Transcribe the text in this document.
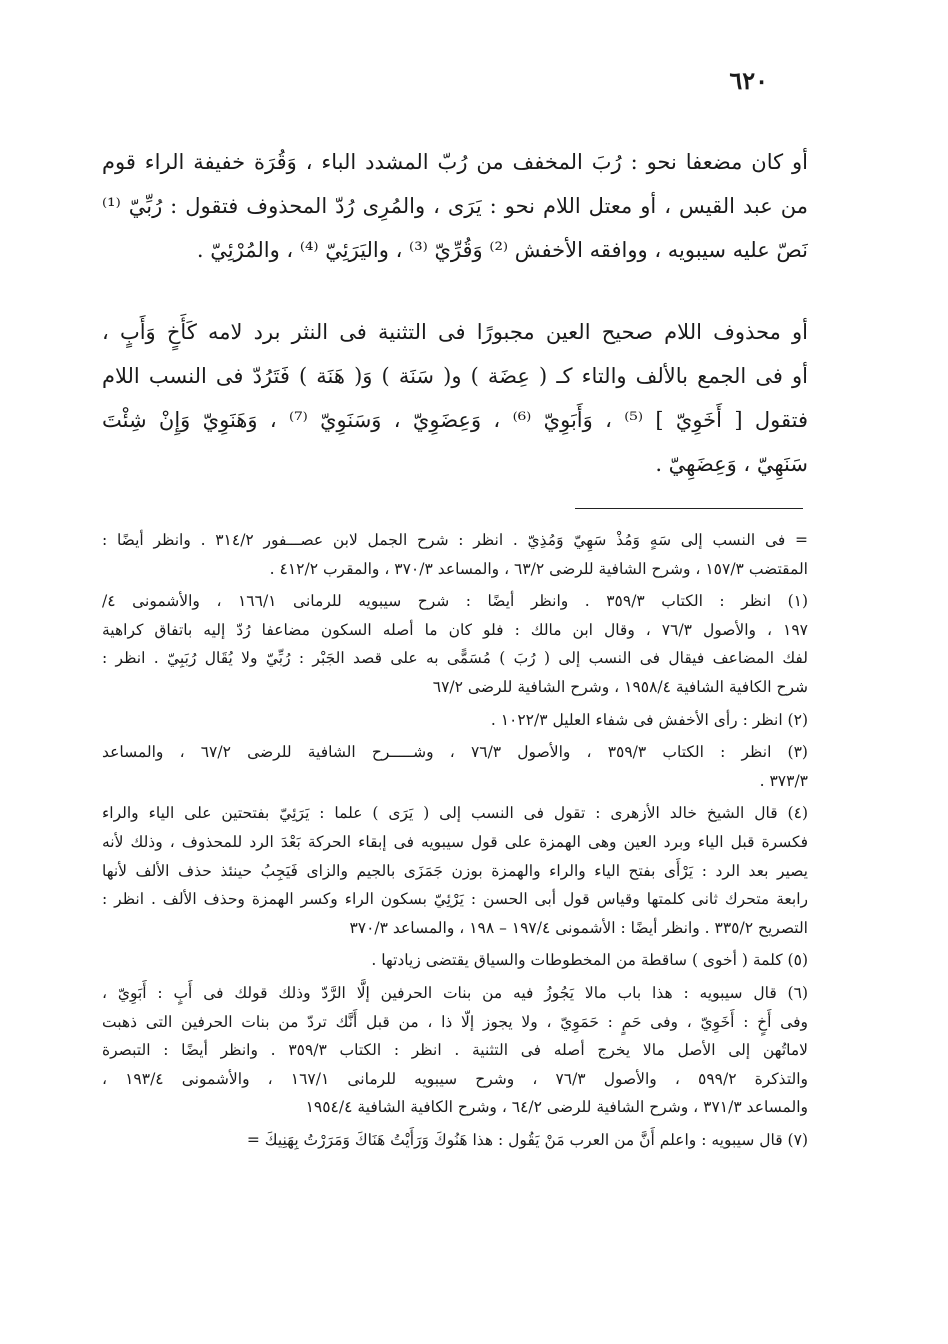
٦٢٠
أو كان مضعفا نحو : رُبَ المخفف من رُبّ المشدد الباء ، وَقُرَة خفيفة الراء قوم
من عبد القيس ، أو معتل اللام نحو : يَرَى ، والمُرِى رُدّ المحذوف فتقول : رُبِّيّ ⁽¹⁾
نَصّ عليه سيبويه ، ووافقه الأخفش ⁽²⁾ وَقُرِّيّ ⁽³⁾ ، واليَرَئِيّ ⁽⁴⁾ ، والمُرْئِيّ .
أو محذوف اللام صحيح العين مجبورًا فى التثنية فى النثر برد لامه كَأَخٍ وَأَبٍ ،
أو فى الجمع بالألف والتاء كـ ( عِضَة ) و( سَنَة ) وَ( هَنَة ) فَتَرُدّ فى النسب اللام
فتقول [ أَخَوِيّ ] ⁽⁵⁾ ، وَأَبَوِيّ ⁽⁶⁾ ، وَعِضَوِيّ ، وَسَنَوِيّ ⁽⁷⁾ ، وَهَنَوِيّ وَإِنْ شِئْتَ
سَنَهِيّ ، وَعِضَهِيّ .
= فى النسب إلى سَهٍ وَمُذْ سَهِيّ وَمُذِيّ . انظر : شرح الجمل لابن عصـــفور ٣١٤/٢ . وانظر أيضًا :
المقتضب ١٥٧/٣ ، وشرح الشافية للرضى ٦٣/٢ ، والمساعد ٣٧٠/٣ ، والمقرب ٤١٢/٢ .
(١) انظر : الكتاب ٣٥٩/٣ . وانظر أيضًا : شرح سيبويه للرمانى ١٦٦/١ ، والأشمونى ٤/
١٩٧ ، والأصول ٧٦/٣ ، وقال ابن مالك : فلو كان ما أصله السكون مضاعفا رُدّ إليه باتفاق كراهية
لفك المضاعف فيقال فى النسب إلى ( رُبَ ) مُسَمًّى به على قصد الجَبْر : رُبِّيّ ولا يُقَال رُبَبِيّ . انظر :
شرح الكافية الشافية ١٩٥٨/٤ ، وشرح الشافية للرضى ٦٧/٢
(٢) انظر : رأى الأخفش فى شفاء العليل ١٠٢٢/٣ .
(٣) انظر : الكتاب ٣٥٩/٣ ، والأصول ٧٦/٣ ، وشـــــرح الشافية للرضى ٦٧/٢ ، والمساعد
٣٧٣/٣ .
(٤) قال الشيخ خالد الأزهرى : تقول فى النسب إلى ( يَرَى ) علما : يَرَئِيّ بفتحتين على الياء والراء
فكسرة قبل الياء وبرد العين وهى الهمزة على قول سيبويه فى إبقاء الحركة بَعْدَ الرد للمحذوف ، وذلك لأنه
يصير بعد الرد : يَرْأَى بفتح الياء والراء والهمزة بوزن جَمَزَى بالجيم والزاى فَيَجِبُ حينئذ حذف الألف لأنها
رابعة متحرك ثانى كلمتها وقياس قول أبى الحسن : يَرْئِيّ بسكون الراء وكسر الهمزة وحذف الألف . انظر :
التصريح ٣٣٥/٢ . وانظر أيضًا : الأشمونى ١٩٧/٤ – ١٩٨ ، والمساعد ٣٧٠/٣
(٥) كلمة ( أخوى ) ساقطة من المخطوطات والسياق يقتضى زيادتها .
(٦) قال سيبويه : هذا باب مالا يَجُوزُ فيه من بنات الحرفين إلَّا الرَّدّ وذلك قولك فى أَبٍ : أَبَوِيّ ،
وفى أَخٍ : أَخَوِيّ ، وفى حَمٍ : حَمَوِيّ ، ولا يجوز إلّا ذا ، من قبل أَنَّك تردّ من بنات الحرفين التى ذهبت
لاماتُهن إلى الأصل مالا يخرج أصله فى التثنية . انظر : الكتاب ٣٥٩/٣ . وانظر أيضًا : التبصرة
والتذكرة ٥٩٩/٢ ، والأصول ٧٦/٣ ، وشرح سيبويه للرمانى ١٦٧/١ ، والأشمونى ١٩٣/٤ ،
والمساعد ٣٧١/٣ ، وشرح الشافية للرضى ٦٤/٢ ، وشرح الكافية الشافية ١٩٥٤/٤
(٧) قال سيبويه : واعلم أَنَّ من العرب مَنْ يَقُول : هذا هَنُوكَ وَرَأَيْتُ هَنَاكَ وَمَرَرْتُ بِهَنِيكَ =
